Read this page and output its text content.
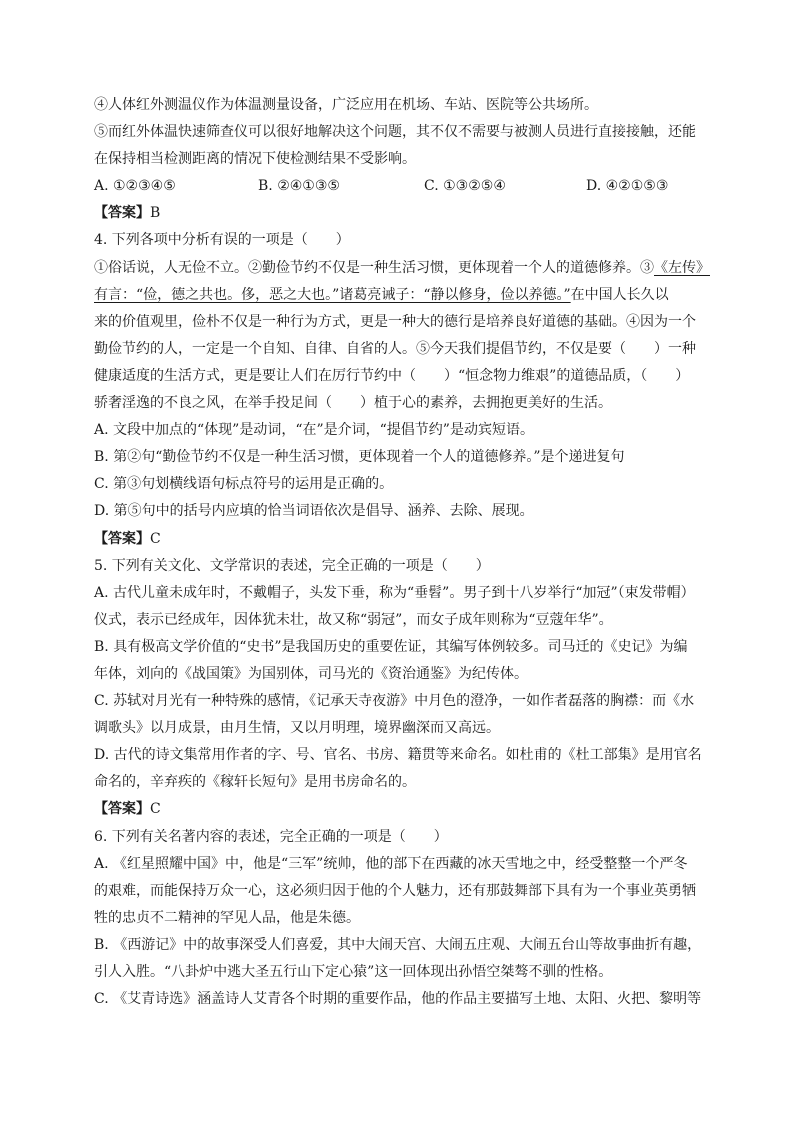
④人体红外测温仪作为体温测量设备，广泛应用在机场、车站、医院等公共场所。
⑤而红外体温快速筛查仪可以很好地解决这个问题，其不仅不需要与被测人员进行直接接触，还能
在保持相当检测距离的情况下使检测结果不受影响。
A. ①②③④⑤	B. ②④①③⑤	C. ①③②⑤④	D. ④②①⑤③
【答案】B
4. 下列各项中分析有误的一项是（　　）
①俗话说，人无俭不立。②勤俭节约不仅是一种生活习惯，更体现着一个人的道德修养。③《左传》
有言：“俭，德之共也。侈，恶之大也。”诸葛亮诫子：“静以修身，俭以养德。”在中国人长久以
来的价值观里，俭朴不仅是一种行为方式，更是一种大的德行是培养良好道德的基础。④因为一个
勤俭节约的人，一定是一个自知、自律、自省的人。⑤今天我们提倡节约，不仅是要（　　）一种
健康适度的生活方式，更是要让人们在厉行节约中（　　）“恒念物力维艰”的道德品质，（　　）
骄奢淫逸的不良之风，在举手投足间（　　）植于心的素养，去拥抱更美好的生活。
A. 文段中加点的“体现”是动词，“在”是介词，“提倡节约”是动宾短语。
B. 第②句“勤俭节约不仅是一种生活习惯，更体现着一个人的道德修养。”是个递进复句
C. 第③句划横线语句标点符号的运用是正确的。
D. 第⑤句中的括号内应填的恰当词语依次是倡导、涵养、去除、展现。
【答案】C
5. 下列有关文化、文学常识的表述，完全正确的一项是（　　）
A. 古代儿童未成年时，不戴帽子，头发下垂，称为“垂髫”。男子到十八岁举行“加冠”（束发带帽）
仪式，表示已经成年，因体犹未壮，故又称“弱冠”，而女子成年则称为“豆蔻年华”。
B. 具有极高文学价值的“史书”是我国历史的重要佐证，其编写体例较多。司马迁的《史记》为编
年体，刘向的《战国策》为国别体，司马光的《资治通鉴》为纪传体。
C. 苏轼对月光有一种特殊的感情，《记承天寺夜游》中月色的澄净，一如作者磊落的胸襟：而《水
调歌头》以月成景，由月生情，又以月明理，境界幽深而又高远。
D. 古代的诗文集常用作者的字、号、官名、书房、籍贯等来命名。如杜甫的《杜工部集》是用官名
命名的，辛弃疾的《稼轩长短句》是用书房命名的。
【答案】C
6. 下列有关名著内容的表述，完全正确的一项是（　　）
A. 《红星照耀中国》中，他是“三军”统帅，他的部下在西藏的冰天雪地之中，经受整整一个严冬
的艰难，而能保持万众一心，这必须归因于他的个人魅力，还有那鼓舞部下具有为一个事业英勇牺
牲的忠贞不二精神的罕见人品，他是朱德。
B. 《西游记》中的故事深受人们喜爱，其中大闹天宫、大闹五庄观、大闹五台山等故事曲折有趣，
引人入胜。“八卦炉中逃大圣五行山下定心猿”这一回体现出孙悟空桀骜不驯的性格。
C. 《艾青诗选》涵盖诗人艾青各个时期的重要作品，他的作品主要描写土地、太阳、火把、黎明等
